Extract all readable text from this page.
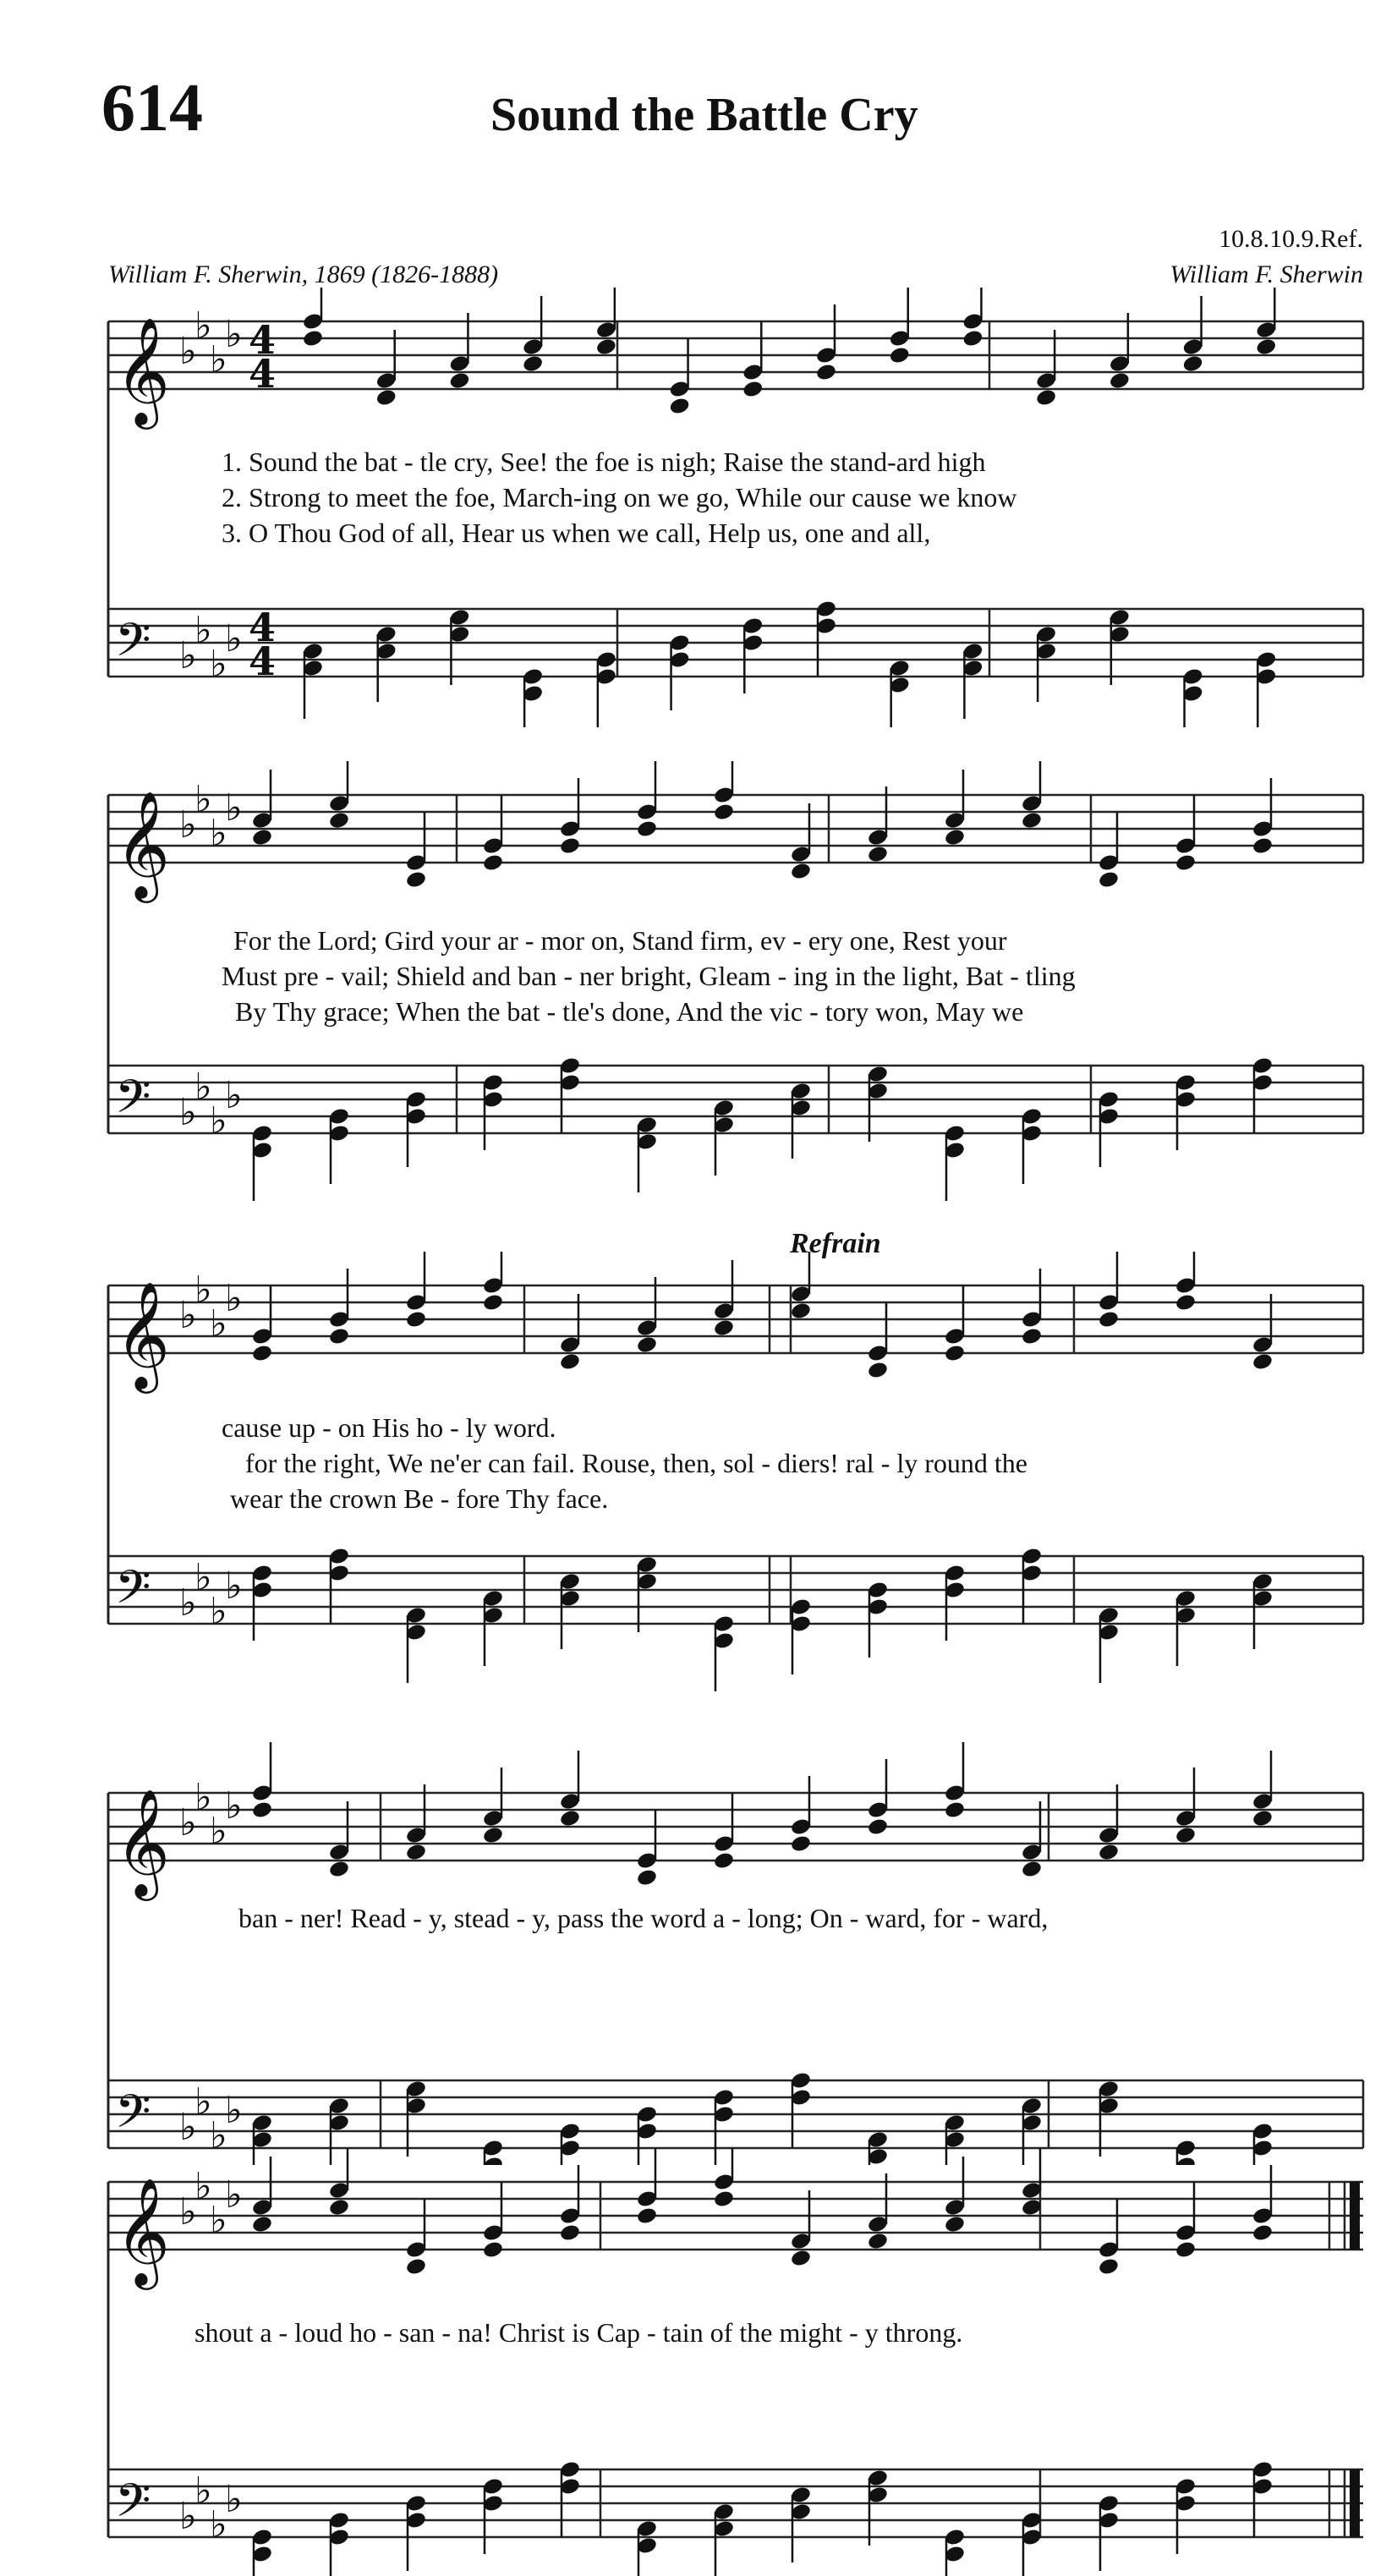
614	Sound the Battle Cry
10.8.10.9.Ref.
William F. Sherwin, 1869 (1826-1888)	William F. Sherwin
Refrain
𝄞 ♭
♭
♭
♭ 4
4
𝄢 ♭
♭
♭
♭ 4
4
1. Sound the bat - tle cry, See! the foe is nigh; Raise the stand-ard high
2. Strong to meet the foe, March-ing on we go, While our cause we know
3. O Thou God of all, Hear us when we call, Help us, one and all,
𝄞 ♭
♭
♭
♭
𝄢 ♭
♭
♭
♭
For the Lord; Gird your ar - mor on, Stand firm, ev - ery one, Rest your
Must pre - vail; Shield and ban - ner bright, Gleam - ing in the light, Bat - tling
By Thy grace; When the bat - tle's done, And the vic - tory won, May we
𝄞 ♭
♭
♭
♭
𝄢 ♭
♭
♭
♭
cause up - on His ho - ly word.
for the right, We ne'er can fail. Rouse, then, sol - diers! ral - ly round the
wear the crown Be - fore Thy face.
𝄞 ♭
♭
♭
♭
𝄢 ♭
♭
♭
♭
ban - ner! Read - y, stead - y, pass the word a - long; On - ward, for - ward,
𝄞 ♭
♭
♭
♭
𝄢 ♭
♭
♭
♭
shout a - loud ho - san - na! Christ is Cap - tain of the might - y throng.
